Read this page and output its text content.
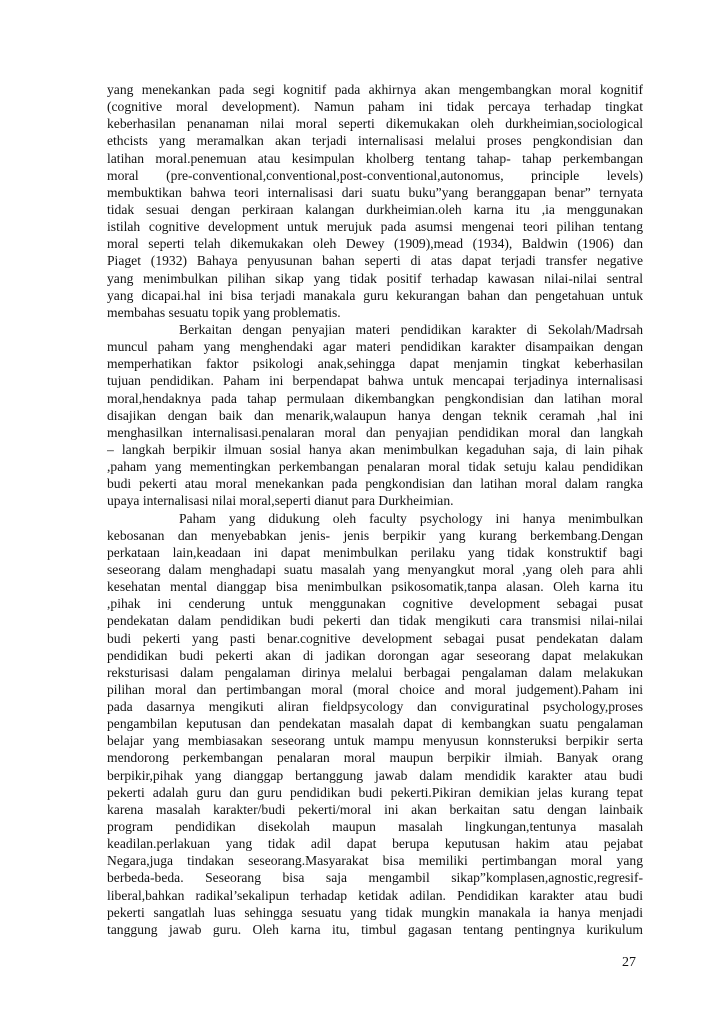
yang menekankan pada segi kognitif pada akhirnya akan mengembangkan moral kognitif
(cognitive moral development). Namun paham ini tidak percaya terhadap tingkat
keberhasilan penanaman nilai moral seperti dikemukakan oleh durkheimian,sociological
ethcists yang meramalkan akan terjadi internalisasi melalui proses pengkondisian dan
latihan moral.penemuan atau kesimpulan kholberg tentang tahap- tahap perkembangan
moral (pre-conventional,conventional,post-conventional,autonomus, principle levels)
membuktikan bahwa teori internalisasi dari suatu buku”yang beranggapan benar” ternyata
tidak sesuai dengan perkiraan kalangan durkheimian.oleh karna itu ,ia menggunakan
istilah cognitive development untuk merujuk pada asumsi mengenai teori pilihan tentang
moral seperti telah dikemukakan oleh Dewey (1909),mead (1934), Baldwin (1906) dan
Piaget (1932) Bahaya penyusunan bahan seperti di atas dapat terjadi transfer negative
yang menimbulkan pilihan sikap yang tidak positif terhadap kawasan nilai-nilai sentral
yang dicapai.hal ini bisa terjadi manakala guru kekurangan bahan dan pengetahuan untuk
membahas sesuatu topik yang problematis.
Berkaitan dengan penyajian materi pendidikan karakter di Sekolah/Madrsah
muncul paham yang menghendaki agar materi pendidikan karakter disampaikan dengan
memperhatikan faktor psikologi anak,sehingga dapat menjamin tingkat keberhasilan
tujuan pendidikan. Paham ini berpendapat bahwa untuk mencapai terjadinya internalisasi
moral,hendaknya pada tahap permulaan dikembangkan pengkondisian dan latihan moral
disajikan dengan baik dan menarik,walaupun hanya dengan teknik ceramah ,hal ini
menghasilkan internalisasi.penalaran moral dan penyajian pendidikan moral dan langkah
– langkah berpikir ilmuan sosial hanya akan menimbulkan kegaduhan saja, di lain pihak
,paham yang mementingkan perkembangan penalaran moral tidak setuju kalau pendidikan
budi pekerti atau moral menekankan pada pengkondisian dan latihan moral dalam rangka
upaya internalisasi nilai moral,seperti dianut para Durkheimian.
Paham yang didukung oleh faculty psychology ini hanya menimbulkan
kebosanan dan menyebabkan jenis- jenis berpikir yang kurang berkembang.Dengan
perkataan lain,keadaan ini dapat menimbulkan perilaku yang tidak konstruktif bagi
seseorang dalam menghadapi suatu masalah yang menyangkut moral ,yang oleh para ahli
kesehatan mental dianggap bisa menimbulkan psikosomatik,tanpa alasan. Oleh karna itu
,pihak ini cenderung untuk menggunakan cognitive development sebagai pusat
pendekatan dalam pendidikan budi pekerti dan tidak mengikuti cara transmisi nilai-nilai
budi pekerti yang pasti benar.cognitive development sebagai pusat pendekatan dalam
pendidikan budi pekerti akan di jadikan dorongan agar seseorang dapat melakukan
reksturisasi dalam pengalaman dirinya melalui berbagai pengalaman dalam melakukan
pilihan moral dan pertimbangan moral (moral choice and moral judgement).Paham ini
pada dasarnya mengikuti aliran fieldpsycology dan conviguratinal psychology,proses
pengambilan keputusan dan pendekatan masalah dapat di kembangkan suatu pengalaman
belajar yang membiasakan seseorang untuk mampu menyusun konnsteruksi berpikir serta
mendorong perkembangan penalaran moral maupun berpikir ilmiah. Banyak orang
berpikir,pihak yang dianggap bertanggung jawab dalam mendidik karakter atau budi
pekerti adalah guru dan guru pendidikan budi pekerti.Pikiran demikian jelas kurang tepat
karena masalah karakter/budi pekerti/moral ini akan berkaitan satu dengan lainbaik
program pendidikan disekolah maupun masalah lingkungan,tentunya masalah
keadilan.perlakuan yang tidak adil dapat berupa keputusan hakim atau pejabat
Negara,juga tindakan seseorang.Masyarakat bisa memiliki pertimbangan moral yang
berbeda-beda. Seseorang bisa saja mengambil sikap”komplasen,agnostic,regresif-
liberal,bahkan radikal’sekalipun terhadap ketidak adilan. Pendidikan karakter atau budi
pekerti sangatlah luas sehingga sesuatu yang tidak mungkin manakala ia hanya menjadi
tanggung jawab guru. Oleh karna itu, timbul gagasan tentang pentingnya kurikulum
27
